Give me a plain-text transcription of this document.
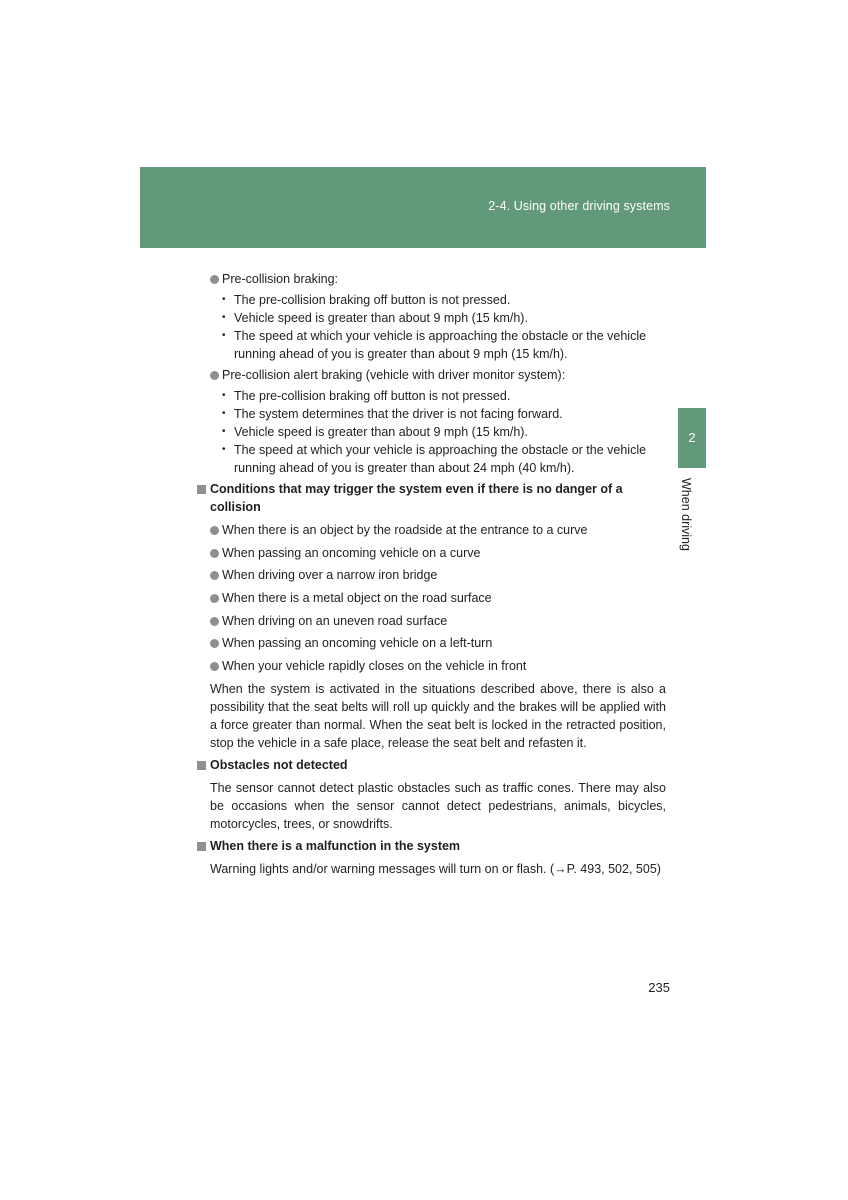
2-4. Using other driving systems
2
When driving

Pre-collision braking:

• The pre-collision braking off button is not pressed.
• Vehicle speed is greater than about 9 mph (15 km/h).
• The speed at which your vehicle is approaching the obstacle or the vehicle running ahead of you is greater than about 9 mph (15 km/h).

Pre-collision alert braking (vehicle with driver monitor system):

• The pre-collision braking off button is not pressed.
• The system determines that the driver is not facing forward.
• Vehicle speed is greater than about 9 mph (15 km/h).
• The speed at which your vehicle is approaching the obstacle or the vehicle running ahead of you is greater than about 24 mph (40 km/h).
Conditions that may trigger the system even if there is no danger of a collision

When there is an object by the roadside at the entrance to a curve

When passing an oncoming vehicle on a curve

When driving over a narrow iron bridge

When there is a metal object on the road surface

When driving on an uneven road surface

When passing an oncoming vehicle on a left-turn

When your vehicle rapidly closes on the vehicle in front

When the system is activated in the situations described above, there is also a possibility that the seat belts will roll up quickly and the brakes will be applied with a force greater than normal. When the seat belt is locked in the retracted position, stop the vehicle in a safe place, release the seat belt and refasten it.

Obstacles not detected

The sensor cannot detect plastic obstacles such as traffic cones. There may also be occasions when the sensor cannot detect pedestrians, animals, bicycles, motorcycles, trees, or snowdrifts.

When there is a malfunction in the system

Warning lights and/or warning messages will turn on or flash. (→P. 493, 502, 505)

235
